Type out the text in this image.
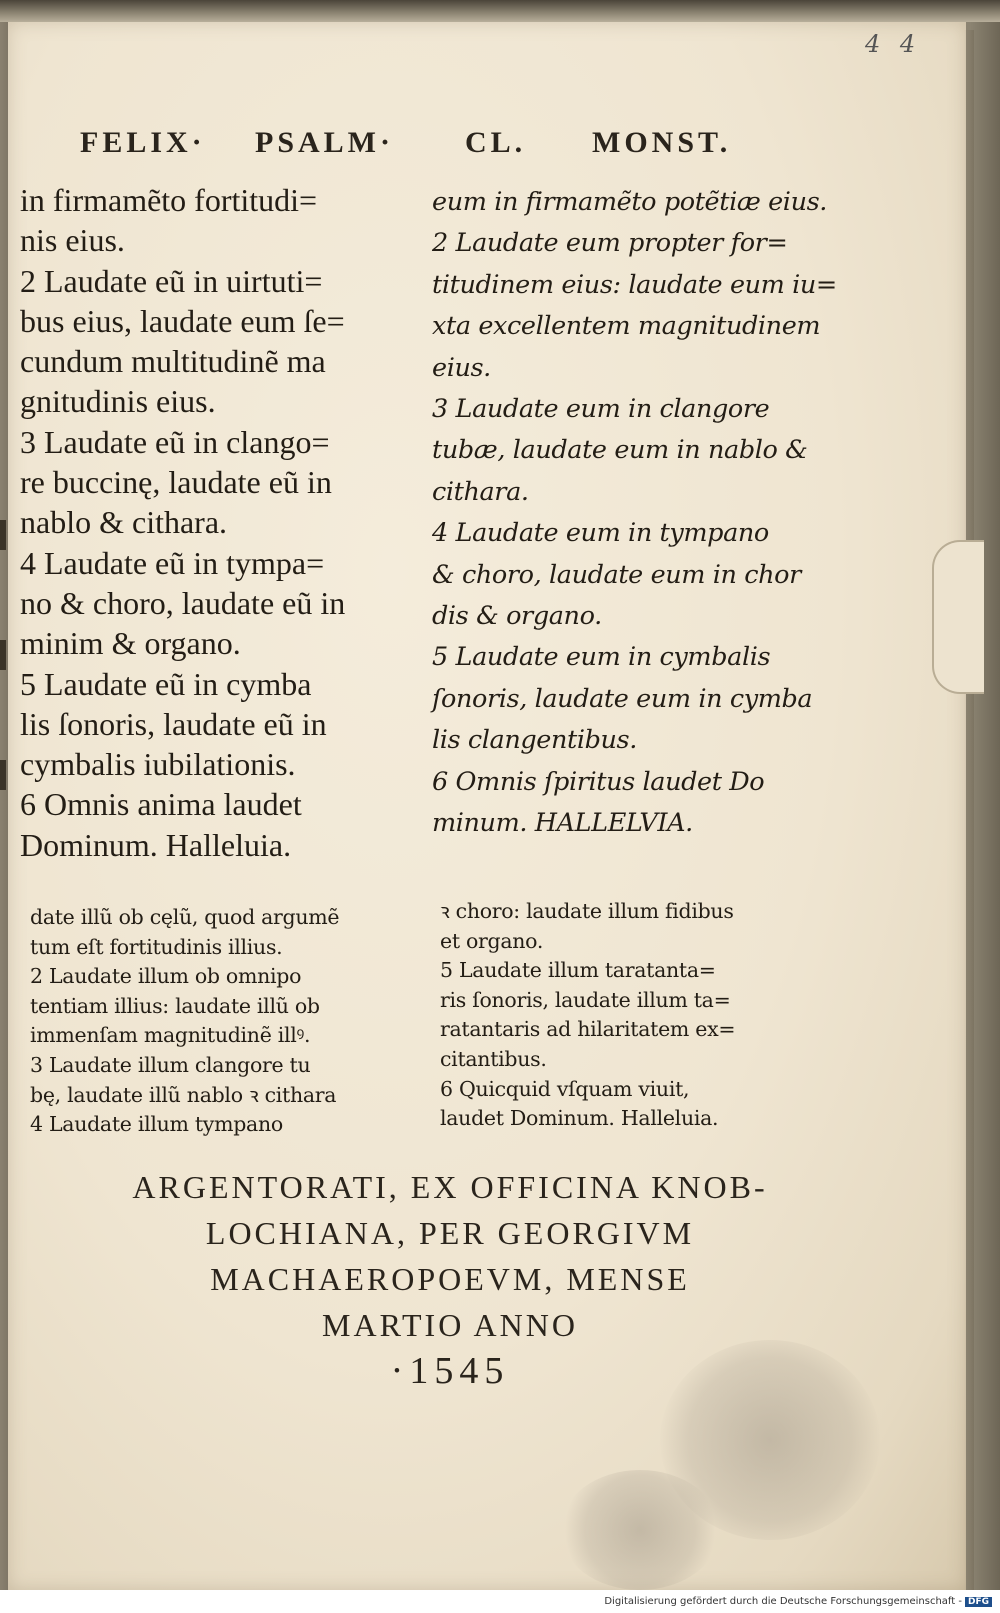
4 4
FELIX· PSALM· CL. MONST.
in firmamẽto fortitudi=
nis eius.
2 Laudate eũ in uirtuti=
bus eius, laudate eum ſe=
cundum multitudinẽ ma
gnitudinis eius.
3 Laudate eũ in clango=
re buccinę, laudate eũ in
nablo & cithara.
4 Laudate eũ in tympa=
no & choro, laudate eũ in
minim & organo.
5 Laudate eũ in cymba
lis ſonoris, laudate eũ in
cymbalis iubilationis.
6 Omnis anima laudet
Dominum. Halleluia.
eum in firmamẽto potẽtiæ eius.
2 Laudate eum propter for=
titudinem eius: laudate eum iu=
xta excellentem magnitudinem
eius.
3 Laudate eum in clangore
tubæ, laudate eum in nablo &
cithara.
4 Laudate eum in tympano
& choro, laudate eum in chor
dis & organo.
5 Laudate eum in cymbalis
ſonoris, laudate eum in cymba
lis clangentibus.
6 Omnis ſpiritus laudet Do
minum. HALLELVIA.
date illũ ob cęlũ, quod argumẽ
tum eſt fortitudinis illius.
2 Laudate illum ob omnipo
tentiam illius: laudate illũ ob
immenſam magnitudinẽ illꝰ.
3 Laudate illum clangore tu
bę, laudate illũ nablo ꝛ cithara
4 Laudate illum tympano
ꝛ choro: laudate illum fidibus
et organo.
5 Laudate illum taratanta=
ris ſonoris, laudate illum ta=
ratantaris ad hilaritatem ex=
citantibus.
6 Quicquid vſquam viuit,
laudet Dominum. Halleluia.
ARGENTORATI, EX OFFICINA KNOB-
LOCHIANA, PER GEORGIVM
MACHAEROPOEVM, MENSE
MARTIO ANNO
·1545
Digitalisierung gefördert durch die Deutsche Forschungsgemeinschaft - DFG
